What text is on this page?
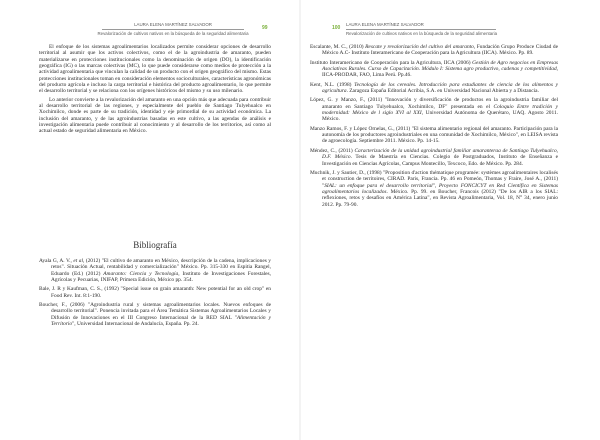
LAURA ELENA MARTÍNEZ SALVADOR
Revalorización de cultivos nativos en la búsqueda de la seguridad alimentaria
99

El enfoque de los sistemas agroalimentarios localizados permite considerar opciones de desarrollo territorial al asumir que los activos colectivos, como el de la agroindustria de amaranto, pueden materializarse en protecciones institucionales como la denominación de origen (DO), la identificación geográfica (IG) o las marcas colectivas (MC), lo que puede considerarse como medios de protección a la actividad agroalimentaria que vinculan la calidad de un producto con el origen geográfico del mismo. Estas protecciones institucionales toman en consideración elementos socioculturales, características agronómicas del producto agrícola e incluso la carga territorial e histórica del producto agroalimentario, lo que permite el desarrollo territorial y se relaciona con los orígenes históricos del mismo y su uso milenario.

Lo anterior convierte a la revalorización del amaranto en una opción más que adecuada para contribuir al desarrollo territorial de las regiones, y especialmente del pueblo de Santiago Tulyehualco en Xochimilco, donde es parte de su tradición, identidad y eje primordial de su actividad económica. La inclusión del amaranto, y de las agroindustrias basadas en este cultivo, a las agendas de análisis e investigación alimentaria puede contribuir al conocimiento y al desarrollo de los territorios, así como al actual estado de seguridad alimentaria en México.

Bibliografía
Ayala G, A. V., et al, (2012) "El cultivo de amaranto en México, descripción de la cadena, implicaciones y retos". Situación Actual, rentabilidad y comercialización" México. Pp. 315-330 en Espitia Rangel, Eduardo (Ed.) (2012) Amaranto: Ciencia y Tecnología, Instituto de Investigaciones Forestales, Agrícolas y Pecuarias, INIFAP, Primera Edición, México pp. 354.
Bale, J. R y Kaufman, C. S., (1992) "Special issue on grain amaranth: New potential for an old crop" en Food Rev. Int. 8:1-190.
Boucher, F., (2006) "Agroindustria rural y sistemas agroalimentarios locales. Nuevos enfoques de desarrollo territorial". Ponencia invitada para el Área Temática Sistemas Agroalimentarios Locales y Difusión de Innovaciones en el III Congreso Internacional de la RED SIAL "Alimentación y Territorio", Universidad Internacional de Andalucía, España. Pp. 24.
100
LAURA ELENA MARTÍNEZ SALVADOR
Revalorización de cultivos nativos en la búsqueda de la seguridad alimentaria
Escalante, M. C., (2010) Rescate y revalorización del cultivo del amaranto, Fundación Grupo Produce Ciudad de México A.C- Instituto Interamericano de Cooperación para la Agricultura (IICA). México. Pp. 89.
Instituto Interamericano de Cooperación para la Agricultura, IICA (2006) Gestión de Agro negocios en Empresas Asociativas Rurales. Curso de Capacitación. Módulo I: Sistema agro productivo, cadenas y competitividad, IICA-PRODAR, FAO, Lima Perú. Pp.46.
Kent, N.L. (1998) Tecnología de los cereales. Introducción para estudiantes de ciencia de los alimentos y agricultura. Zaragoza España Editorial Acribia, S.A. en Universidad Nacional Abierta y a Distancia.
López, G. y Manzo, F., (2011) "Innovación y diversificación de productos en la agroindustria familiar del amaranto en Santiago Tulyehualco, Xochimilco, DF" presentada en el Coloquio Entre tradición y modernidad: México de l siglo XVI al XXI, Universidad Autónoma de Querétaro, UAQ. Agosto 2011. México.
Manzo Ramos, F. y López Ornelas, G., (2011) "El sistema alimentario regional del amaranto. Participación para la autonomía de los productores agroindustriales en una comunidad de Xochimilco, México", en LEISA revista de agroecología. Septiembre 2011. México. Pp. 14-15.
Méndez, C., (2011) Caracterización de la unidad agroindustrial familiar amaranteraa de Santiago Tulyehualco, D.F. México. Tesis de Maestría en Ciencias. Colegio de Postgraduados, Instituto de Enseñanza e Investigación en Ciencias Agrícolas, Campus Montecillo, Texcoco, Edo. de México. Pp. 284.
Muchnik, J. y Sautier, D., (1998) "Proposition d'action thématique programée: systèmes agroalimentaires localisés et construction de territoires, CIRAD. Paris, Francia. Pp. 46 en Pomeón, Thomas y Fraire, José A., (2011) "SIAL: un enfoque para el desarrollo territorial", Proyecto FONCICYT en Red Científica en Sistemas agroalimentarios localizados. México. Pp. 99. en Boucher, Francois (2012) "De los AIR a los SIAL: reflexiones, retos y desafíos en América Latina", en Revista Agroalimentaria, Vol. 18, N° 34, enero junio 2012. Pp. 79-90.
